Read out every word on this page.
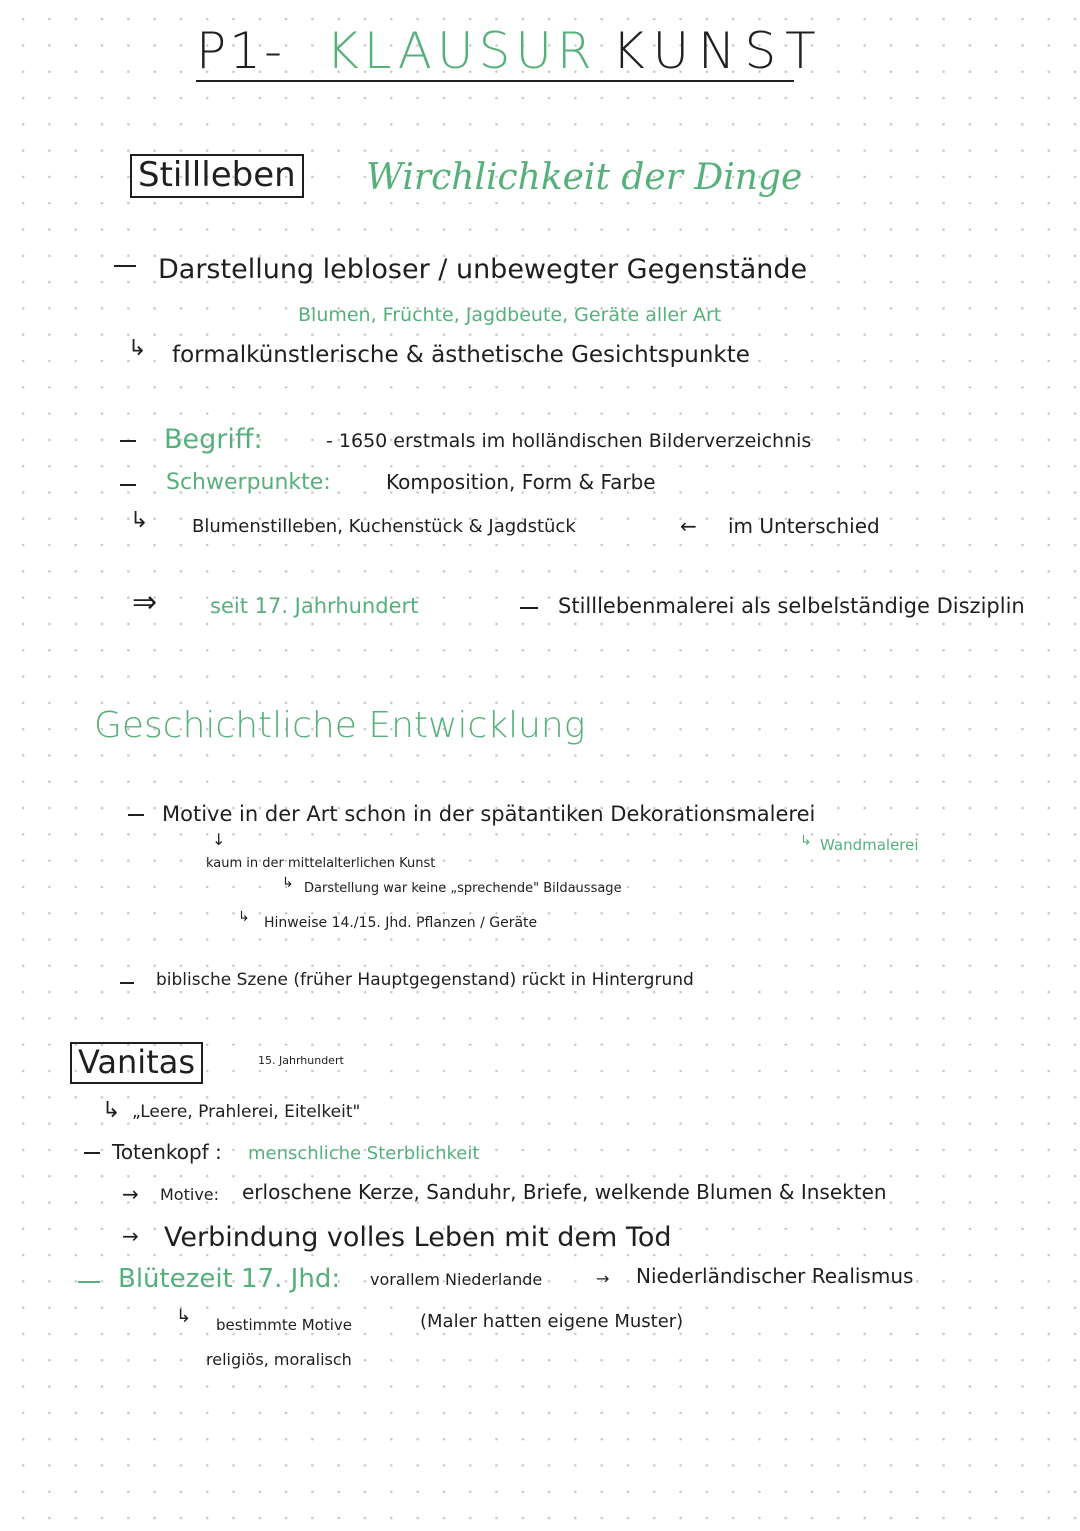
P1- KLAUSUR KUNST
Stillleben Wirchlichkeit der Dinge
Darstellung lebloser / unbewegter Gegenstände
Blumen, Früchte, Jagdbeute, Geräte aller Art
↳ formalkünstlerische & ästhetische Gesichtspunkte
Begriff:	- 1650 erstmals im holländischen Bilderverzeichnis
Schwerpunkte:	Komposition, Form & Farbe
↳ Blumenstilleben, Kuchenstück & Jagdstück	← im Unterschied
⇒	seit 17. Jahrhundert	Stilllebenmalerei als selbelständige Disziplin
Geschichtliche Entwicklung
Motive in der Art schon in der spätantiken Dekorationsmalerei
↓	↳ Wandmalerei
kaum in der mittelalterlichen Kunst
↳ Darstellung war keine „sprechende" Bildaussage
↳ Hinweise 14./15. Jhd. Pflanzen / Geräte
biblische Szene (früher Hauptgegenstand) rückt in Hintergrund
Vanitas	15. Jahrhundert
↳ „Leere, Prahlerei, Eitelkeit"
Totenkopf : menschliche Sterblichkeit
→ Motive: erloschene Kerze, Sanduhr, Briefe, welkende Blumen & Insekten
→ Verbindung volles Leben mit dem Tod
Blütezeit 17. Jhd: vorallem Niederlande	→ Niederländischer Realismus
↳ bestimmte Motive	(Maler hatten eigene Muster)
religiös, moralisch
